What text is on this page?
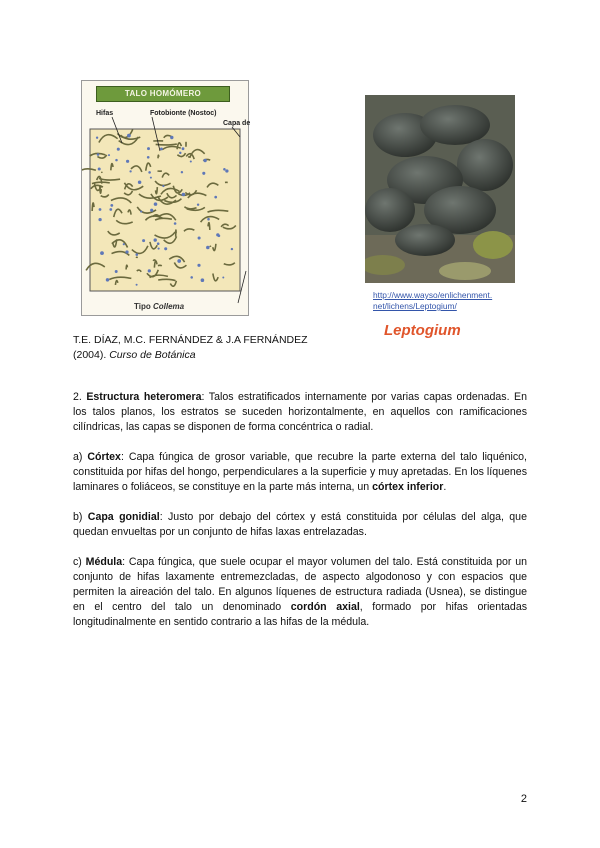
TALO HOMÓMERO
Hifas	Fotobionte (Nostoc)
Capa de
Tipo Collema
http://www.wayso/enlichenment.
net/lichens/Leptogium/
Leptogium
T.E. DÍAZ, M.C. FERNÁNDEZ & J.A FERNÁNDEZ
(2004). Curso de Botánica

2. Estructura heteromera: Talos estratificados internamente por varias capas ordenadas. En los talos planos, los estratos se suceden horizontalmente, en aquellos con ramificaciones cilíndricas, las capas se disponen de forma concéntrica o radial.

a) Córtex: Capa fúngica de grosor variable, que recubre la parte externa del talo liquénico, constituida por hifas del hongo, perpendiculares a la superficie y muy apretadas. En los líquenes laminares o foliáceos, se constituye en la parte más interna, un córtex inferior.

b) Capa gonidial: Justo por debajo del córtex y está constituida por células del alga, que quedan envueltas por un conjunto de hifas laxas entrelazadas.

c) Médula: Capa fúngica, que suele ocupar el mayor volumen del talo. Está constituida por un conjunto de hifas laxamente entremezcladas, de aspecto algodonoso y con espacios que permiten la aireación del talo. En algunos líquenes de estructura radiada (Usnea), se distingue en el centro del talo un denominado cordón axial, formado por hifas orientadas longitudinalmente en sentido contrario a las hifas de la médula.

2
